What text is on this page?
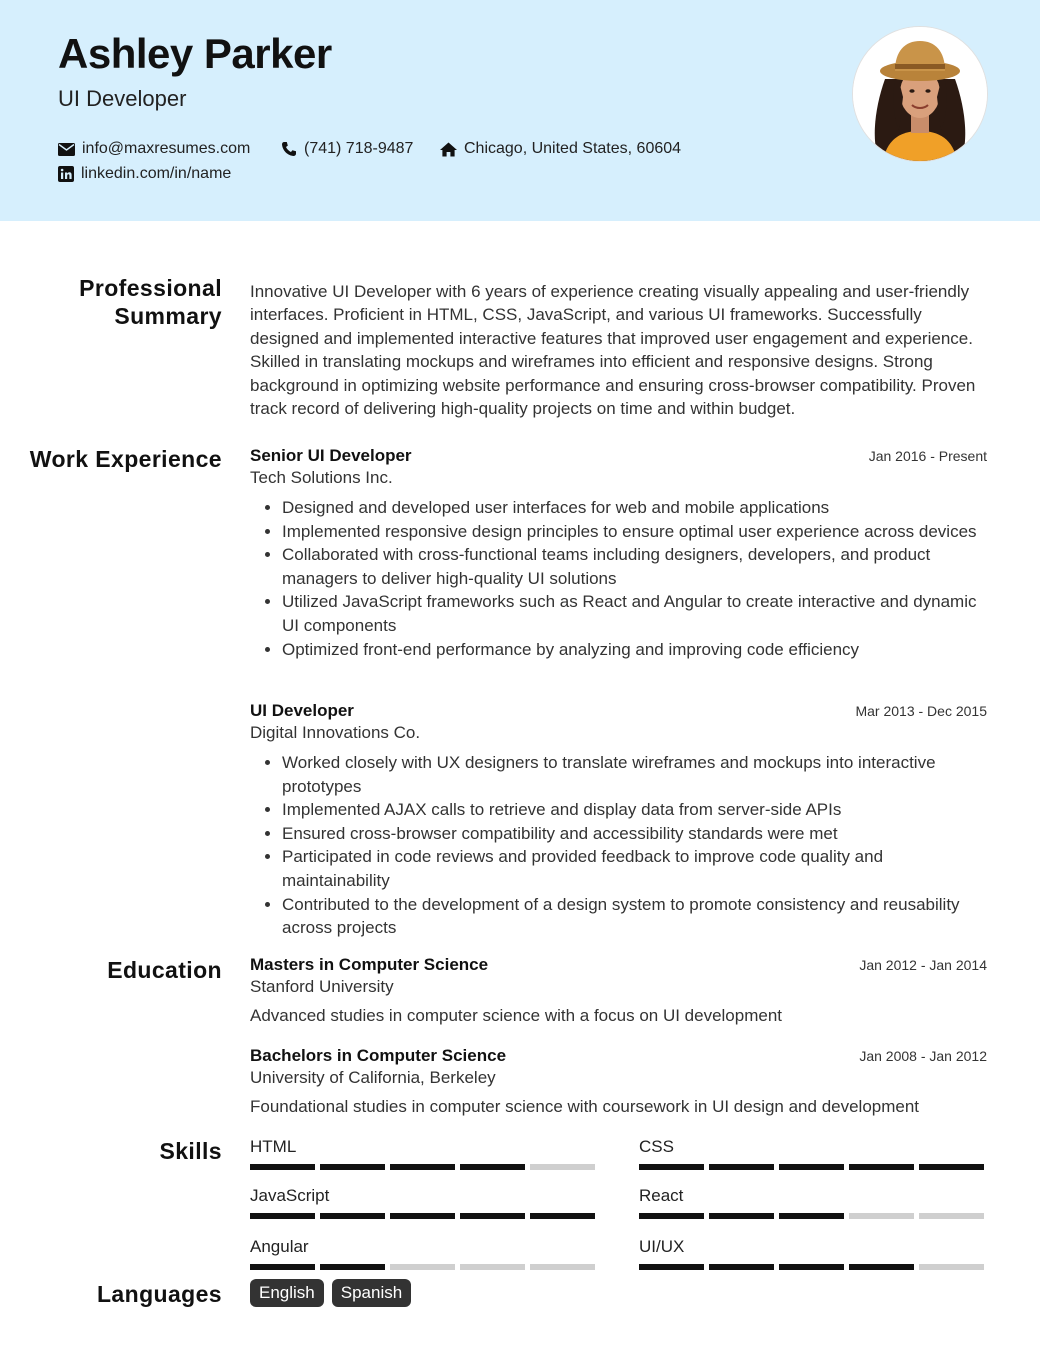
Ashley Parker
UI Developer
info@maxresumes.com	(741) 718-9487	Chicago, United States, 60604
linkedin.com/in/name
Professional Summary

Innovative UI Developer with 6 years of experience creating visually appealing and user-friendly interfaces. Proficient in HTML, CSS, JavaScript, and various UI frameworks. Successfully designed and implemented interactive features that improved user engagement and experience. Skilled in translating mockups and wireframes into efficient and responsive designs. Strong background in optimizing website performance and ensuring cross-browser compatibility. Proven track record of delivering high-quality projects on time and within budget.

Work Experience Senior UI Developer	Jan 2016 - Present
Tech Solutions Inc.
• Designed and developed user interfaces for web and mobile applications
• Implemented responsive design principles to ensure optimal user experience across devices
• Collaborated with cross-functional teams including designers, developers, and product managers to deliver high-quality UI solutions
• Utilized JavaScript frameworks such as React and Angular to create interactive and dynamic UI components
• Optimized front-end performance by analyzing and improving code efficiency
UI Developer	Mar 2013 - Dec 2015
Digital Innovations Co.
• Worked closely with UX designers to translate wireframes and mockups into interactive prototypes
• Implemented AJAX calls to retrieve and display data from server-side APIs
• Ensured cross-browser compatibility and accessibility standards were met
• Participated in code reviews and provided feedback to improve code quality and maintainability
• Contributed to the development of a design system to promote consistency and reusability across projects
Education Masters in Computer Science	Jan 2012 - Jan 2014
Stanford University
Advanced studies in computer science with a focus on UI development
Bachelors in Computer Science	Jan 2008 - Jan 2012
University of California, Berkeley
Foundational studies in computer science with coursework in UI design and development
Skills HTML	CSS
JavaScript	React
Angular	UI/UX
Languages	English	Spanish
